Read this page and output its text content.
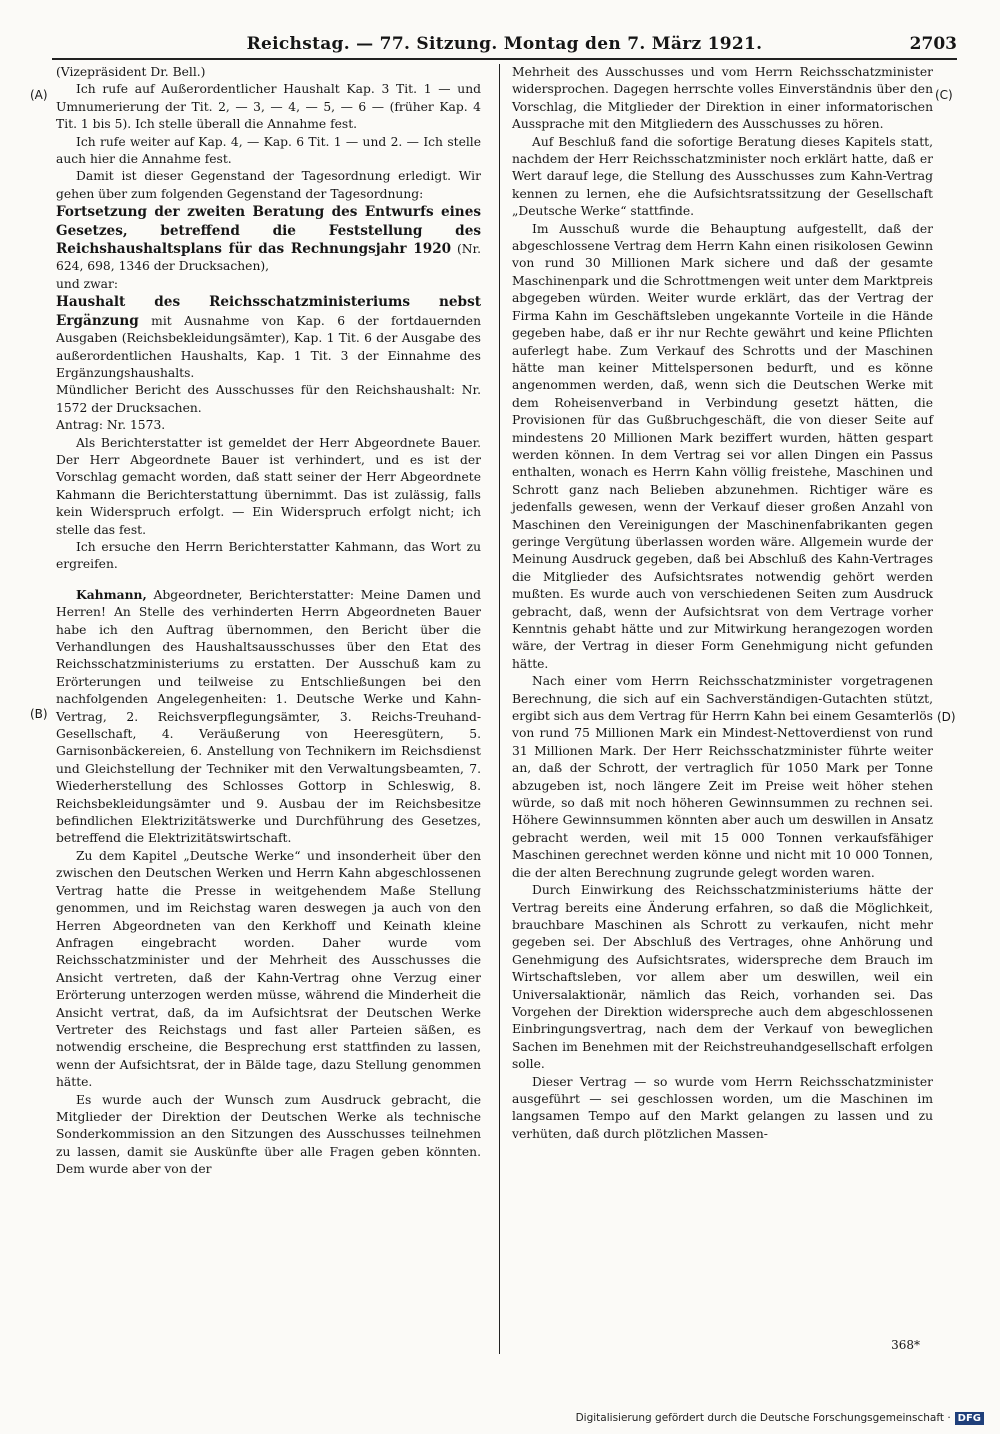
Reichstag. — 77. Sitzung. Montag den 7. März 1921.	2703
(A)
(B)
(C)
(D)

(Vizepräsident Dr. Bell.)

Ich rufe auf Außerordentlicher Haushalt Kap. 3 Tit. 1 — und Umnumerierung der Tit. 2, — 3, — 4, — 5, — 6 — (früher Kap. 4 Tit. 1 bis 5). Ich stelle überall die Annahme fest.

Ich rufe weiter auf Kap. 4, — Kap. 6 Tit. 1 — und 2. — Ich stelle auch hier die Annahme fest.

Damit ist dieser Gegenstand der Tagesordnung erledigt. Wir gehen über zum folgenden Gegenstand der Tagesordnung:

Fortsetzung der zweiten Beratung des Entwurfs eines Gesetzes, betreffend die Feststellung des Reichshaushaltsplans für das Rechnungsjahr 1920 (Nr. 624, 698, 1346 der Drucksachen),

und zwar:

Haushalt des Reichsschatzministeriums nebst Ergänzung mit Ausnahme von Kap. 6 der fortdauernden Ausgaben (Reichsbekleidungsämter), Kap. 1 Tit. 6 der Ausgabe des außerordentlichen Haushalts, Kap. 1 Tit. 3 der Einnahme des Ergänzungshaushalts.

Mündlicher Bericht des Ausschusses für den Reichshaushalt: Nr. 1572 der Drucksachen.

Antrag: Nr. 1573.

Als Berichterstatter ist gemeldet der Herr Abgeordnete Bauer. Der Herr Abgeordnete Bauer ist verhindert, und es ist der Vorschlag gemacht worden, daß statt seiner der Herr Abgeordnete Kahmann die Berichterstattung übernimmt. Das ist zulässig, falls kein Widerspruch erfolgt. — Ein Widerspruch erfolgt nicht; ich stelle das fest.

Ich ersuche den Herrn Berichterstatter Kahmann, das Wort zu ergreifen.

Kahmann, Abgeordneter, Berichterstatter: Meine Damen und Herren! An Stelle des verhinderten Herrn Abgeordneten Bauer habe ich den Auftrag übernommen, den Bericht über die Verhandlungen des Haushaltsausschusses über den Etat des Reichsschatzministeriums zu erstatten. Der Ausschuß kam zu Erörterungen und teilweise zu Entschließungen bei den nachfolgenden Angelegenheiten: 1. Deutsche Werke und Kahn-Vertrag, 2. Reichsverpflegungsämter, 3. Reichs-Treuhand-Gesellschaft, 4. Veräußerung von Heeresgütern, 5. Garnisonbäckereien, 6. Anstellung von Technikern im Reichsdienst und Gleichstellung der Techniker mit den Verwaltungsbeamten, 7. Wiederherstellung des Schlosses Gottorp in Schleswig, 8. Reichsbekleidungsämter und 9. Ausbau der im Reichsbesitze befindlichen Elektrizitätswerke und Durchführung des Gesetzes, betreffend die Elektrizitätswirtschaft.

Zu dem Kapitel „Deutsche Werke“ und insonderheit über den zwischen den Deutschen Werken und Herrn Kahn abgeschlossenen Vertrag hatte die Presse in weitgehendem Maße Stellung genommen, und im Reichstag waren deswegen ja auch von den Herren Abgeordneten van den Kerkhoff und Keinath kleine Anfragen eingebracht worden. Daher wurde vom Reichsschatzminister und der Mehrheit des Ausschusses die Ansicht vertreten, daß der Kahn-Vertrag ohne Verzug einer Erörterung unterzogen werden müsse, während die Minderheit die Ansicht vertrat, daß, da im Aufsichtsrat der Deutschen Werke Vertreter des Reichstags und fast aller Parteien säßen, es notwendig erscheine, die Besprechung erst stattfinden zu lassen, wenn der Aufsichtsrat, der in Bälde tage, dazu Stellung genommen hätte.

Es wurde auch der Wunsch zum Ausdruck gebracht, die Mitglieder der Direktion der Deutschen Werke als technische Sonderkommission an den Sitzungen des Ausschusses teilnehmen zu lassen, damit sie Auskünfte über alle Fragen geben könnten. Dem wurde aber von der

Mehrheit des Ausschusses und vom Herrn Reichsschatzminister widersprochen. Dagegen herrschte volles Einverständnis über den Vorschlag, die Mitglieder der Direktion in einer informatorischen Aussprache mit den Mitgliedern des Ausschusses zu hören.

Auf Beschluß fand die sofortige Beratung dieses Kapitels statt, nachdem der Herr Reichsschatzminister noch erklärt hatte, daß er Wert darauf lege, die Stellung des Ausschusses zum Kahn-Vertrag kennen zu lernen, ehe die Aufsichtsratssitzung der Gesellschaft „Deutsche Werke“ stattfinde.

Im Ausschuß wurde die Behauptung aufgestellt, daß der abgeschlossene Vertrag dem Herrn Kahn einen risikolosen Gewinn von rund 30 Millionen Mark sichere und daß der gesamte Maschinenpark und die Schrottmengen weit unter dem Marktpreis abgegeben würden. Weiter wurde erklärt, das der Vertrag der Firma Kahn im Geschäftsleben ungekannte Vorteile in die Hände gegeben habe, daß er ihr nur Rechte gewährt und keine Pflichten auferlegt habe. Zum Verkauf des Schrotts und der Maschinen hätte man keiner Mittelspersonen bedurft, und es könne angenommen werden, daß, wenn sich die Deutschen Werke mit dem Roheisenverband in Verbindung gesetzt hätten, die Provisionen für das Gußbruchgeschäft, die von dieser Seite auf mindestens 20 Millionen Mark beziffert wurden, hätten gespart werden können. In dem Vertrag sei vor allen Dingen ein Passus enthalten, wonach es Herrn Kahn völlig freistehe, Maschinen und Schrott ganz nach Belieben abzunehmen. Richtiger wäre es jedenfalls gewesen, wenn der Verkauf dieser großen Anzahl von Maschinen den Vereinigungen der Maschinenfabrikanten gegen geringe Vergütung überlassen worden wäre. Allgemein wurde der Meinung Ausdruck gegeben, daß bei Abschluß des Kahn-Vertrages die Mitglieder des Aufsichtsrates notwendig gehört werden mußten. Es wurde auch von verschiedenen Seiten zum Ausdruck gebracht, daß, wenn der Aufsichtsrat von dem Vertrage vorher Kenntnis gehabt hätte und zur Mitwirkung herangezogen worden wäre, der Vertrag in dieser Form Genehmigung nicht gefunden hätte.

Nach einer vom Herrn Reichsschatzminister vorgetragenen Berechnung, die sich auf ein Sachverständigen-Gutachten stützt, ergibt sich aus dem Vertrag für Herrn Kahn bei einem Gesamterlös von rund 75 Millionen Mark ein Mindest-Nettoverdienst von rund 31 Millionen Mark. Der Herr Reichsschatzminister führte weiter an, daß der Schrott, der vertraglich für 1050 Mark per Tonne abzugeben ist, noch längere Zeit im Preise weit höher stehen würde, so daß mit noch höheren Gewinnsummen zu rechnen sei. Höhere Gewinnsummen könnten aber auch um deswillen in Ansatz gebracht werden, weil mit 15 000 Tonnen verkaufsfähiger Maschinen gerechnet werden könne und nicht mit 10 000 Tonnen, die der alten Berechnung zugrunde gelegt worden waren.

Durch Einwirkung des Reichsschatzministeriums hätte der Vertrag bereits eine Änderung erfahren, so daß die Möglichkeit, brauchbare Maschinen als Schrott zu verkaufen, nicht mehr gegeben sei. Der Abschluß des Vertrages, ohne Anhörung und Genehmigung des Aufsichtsrates, widerspreche dem Brauch im Wirtschaftsleben, vor allem aber um deswillen, weil ein Universalaktionär, nämlich das Reich, vorhanden sei. Das Vorgehen der Direktion widerspreche auch dem abgeschlossenen Einbringungsvertrag, nach dem der Verkauf von beweglichen Sachen im Benehmen mit der Reichstreuhandgesellschaft erfolgen solle.

Dieser Vertrag — so wurde vom Herrn Reichsschatzminister ausgeführt — sei geschlossen worden, um die Maschinen im langsamen Tempo auf den Markt gelangen zu lassen und zu verhüten, daß durch plötzlichen Massen-

368*
Digitalisierung gefördert durch die Deutsche Forschungsgemeinschaft · DFG
